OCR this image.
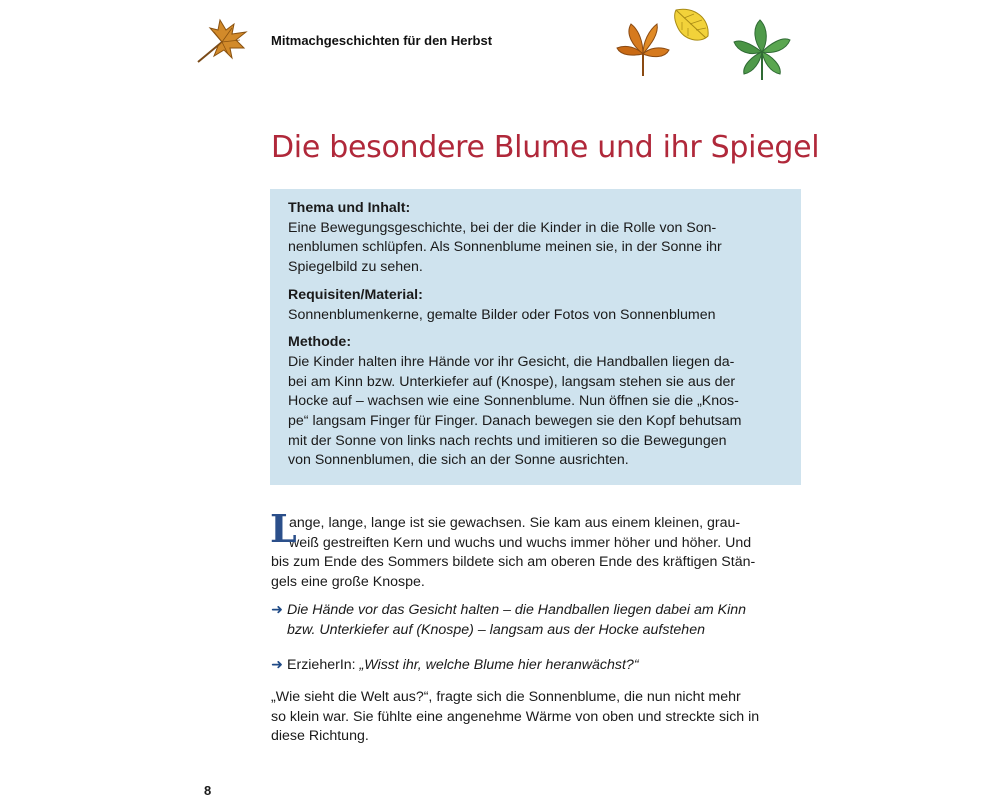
Mitmachgeschichten für den Herbst
Die besondere Blume und ihr Spiegel
Thema und Inhalt:
Eine Bewegungsgeschichte, bei der die Kinder in die Rolle von Son-
nenblumen schlüpfen. Als Sonnenblume meinen sie, in der Sonne ihr
Spiegelbild zu sehen.
Requisiten/Material:
Sonnenblumenkerne, gemalte Bilder oder Fotos von Sonnenblumen
Methode:
Die Kinder halten ihre Hände vor ihr Gesicht, die Handballen liegen da-
bei am Kinn bzw. Unterkiefer auf (Knospe), langsam stehen sie aus der
Hocke auf – wachsen wie eine Sonnenblume. Nun öffnen sie die „Knos-
pe“ langsam Finger für Finger. Danach bewegen sie den Kopf behutsam
mit der Sonne von links nach rechts und imitieren so die Bewegungen
von Sonnenblumen, die sich an der Sonne ausrichten.
L
ange, lange, lange ist sie gewachsen. Sie kam aus einem kleinen, grau-
weiß gestreiften Kern und wuchs und wuchs immer höher und höher. Und
bis zum Ende des Sommers bildete sich am oberen Ende des kräftigen Stän-
gels eine große Knospe.
➜ Die Hände vor das Gesicht halten – die Handballen liegen dabei am Kinn
bzw. Unterkiefer auf (Knospe) – langsam aus der Hocke aufstehen
➜ ErzieherIn: „Wisst ihr, welche Blume hier heranwächst?“
„Wie sieht die Welt aus?“, fragte sich die Sonnenblume, die nun nicht mehr
so klein war. Sie fühlte eine angenehme Wärme von oben und streckte sich in
diese Richtung.
8
